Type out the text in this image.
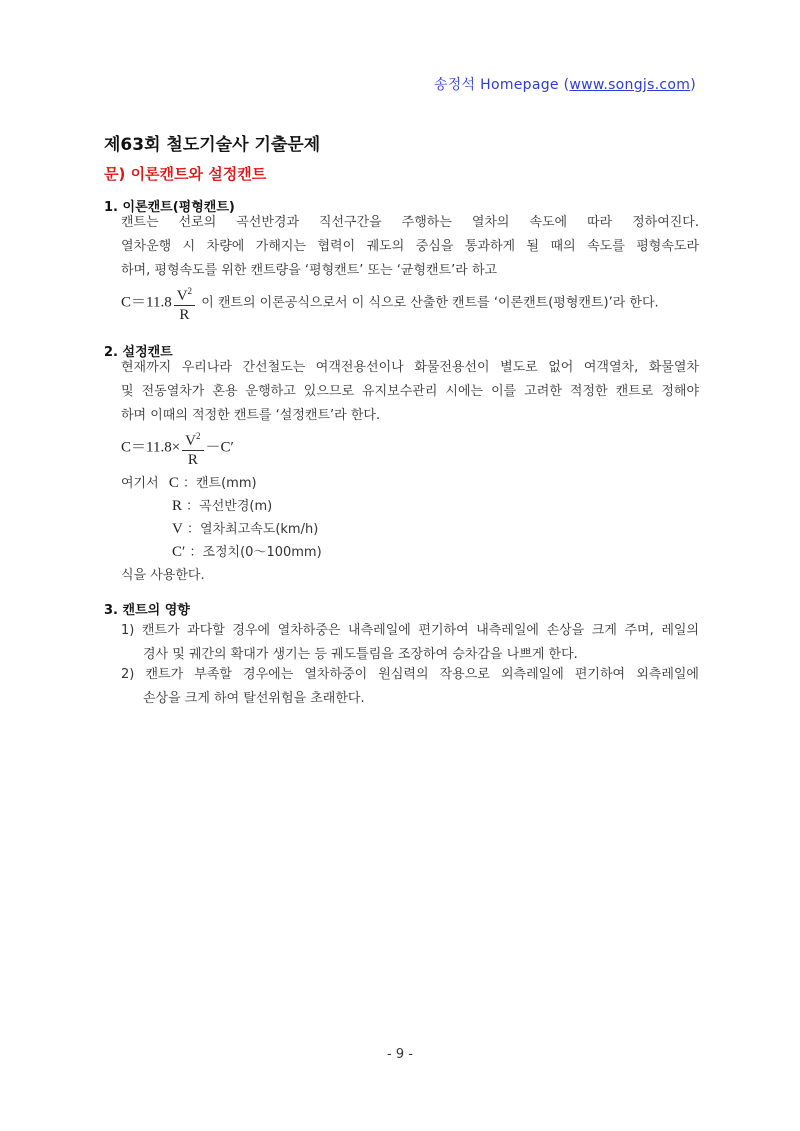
송정석 Homepage (www.songjs.com)
제63회 철도기술사 기출문제
문) 이론캔트와 설정캔트
1. 이론캔트(평형캔트)
캔트는 선로의 곡선반경과 직선구간을 주행하는 열차의 속도에 따라 정하여진다.
열차운행 시 차량에 가해지는 협력이 궤도의 중심을 통과하게 될 때의 속도를 평형속도라
하며, 평형속도를 위한 캔트량을 ‘평형캔트’ 또는 ‘균형캔트’라 하고
$C=11.8 \frac{V^2}{R}$ 이 캔트의 이론공식으로서 이 식으로 산출한 캔트를 ‘이론캔트(평형캔트)’라 한다.
2. 설정캔트
현재까지 우리나라 간선철도는 여객전용선이나 화물전용선이 별도로 없어 여객열차, 화물열차
및 전동열차가 혼용 운행하고 있으므로 유지보수관리 시에는 이를 고려한 적정한 캔트로 정해야
하며 이때의 적정한 캔트를 ‘설정캔트’라 한다.
$C=11.8\times \frac{V^2}{R} -C'$
여기서 C ：캔트(mm)
R ：곡선반경(m)
V ：열차최고속도(km/h)
C′ ：조정치(0～100mm)
식을 사용한다.
3. 캔트의 영향
1) 캔트가 과다할 경우에 열차하중은 내측레일에 편기하여 내측레일에 손상을 크게 주며, 레일의
경사 및 궤간의 확대가 생기는 등 궤도틀림을 조장하여 승차감을 나쁘게 한다.
2) 캔트가 부족할 경우에는 열차하중이 원심력의 작용으로 외측레일에 편기하여 외측레일에
손상을 크게 하여 탈선위험을 초래한다.
- 9 -
